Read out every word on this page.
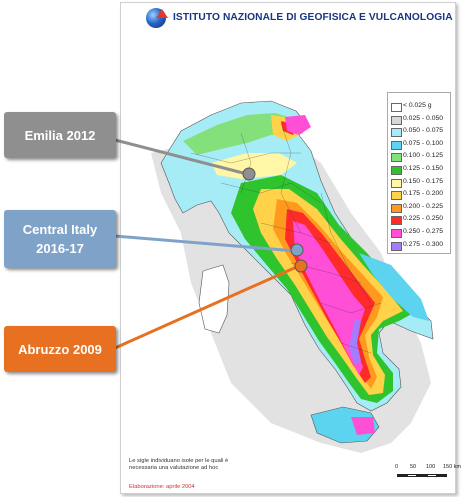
ISTITUTO NAZIONALE DI GEOFISICA E VULCANOLOGIA
< 0.025 g
0.025 - 0.050
0.050 - 0.075
0.075 - 0.100
0.100 - 0.125
0.125 - 0.150
0.150 - 0.175
0.175 - 0.200
0.200 - 0.225
0.225 - 0.250
0.250 - 0.275
0.275 - 0.300
Le sigle individuano isole per le quali è necessaria una valutazione ad hoc
Elaborazione: aprile 2004
0 50 100 150 km
Emilia 2012
Central Italy
2016-17
Abruzzo 2009
